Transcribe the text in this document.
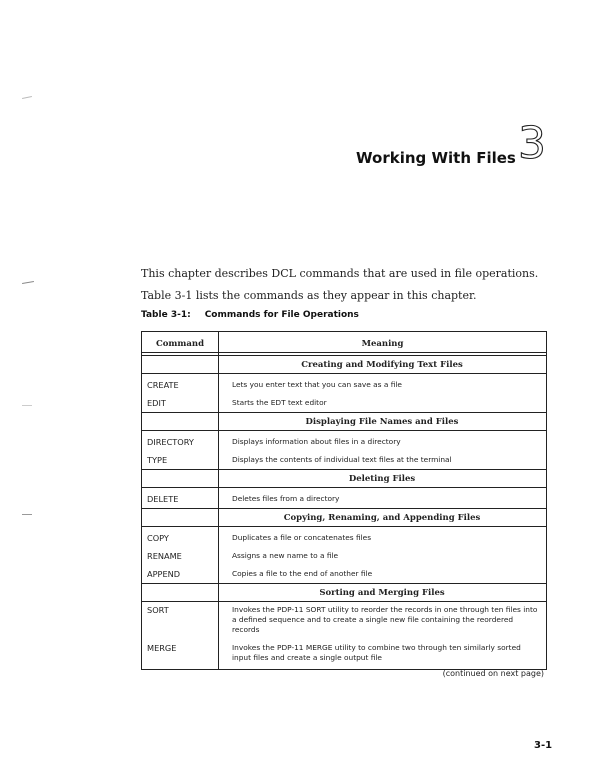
Working With Files 3
This chapter describes DCL commands that are used in file operations.
Table 3-1 lists the commands as they appear in this chapter.
Table 3-1: Commands for File Operations
Command	Meaning
Creating and Modifying Text Files
CREATE
EDIT
Lets you enter text that you can save as a file
Starts the EDT text editor
Displaying File Names and Files
DIRECTORY
TYPE
Displays information about files in a directory
Displays the contents of individual text files at the terminal
Deleting Files
DELETE	Deletes files from a directory
Copying, Renaming, and Appending Files
COPY
RENAME
APPEND
Duplicates a file or concatenates files
Assigns a new name to a file
Copies a file to the end of another file
Sorting and Merging Files
SORT
MERGE
Invokes the PDP-11 SORT utility to reorder the records in one through ten files into a defined sequence and to create a single new file containing the reordered records
Invokes the PDP-11 MERGE utility to combine two through ten similarly sorted input files and create a single output file
(continued on next page)
3-1
